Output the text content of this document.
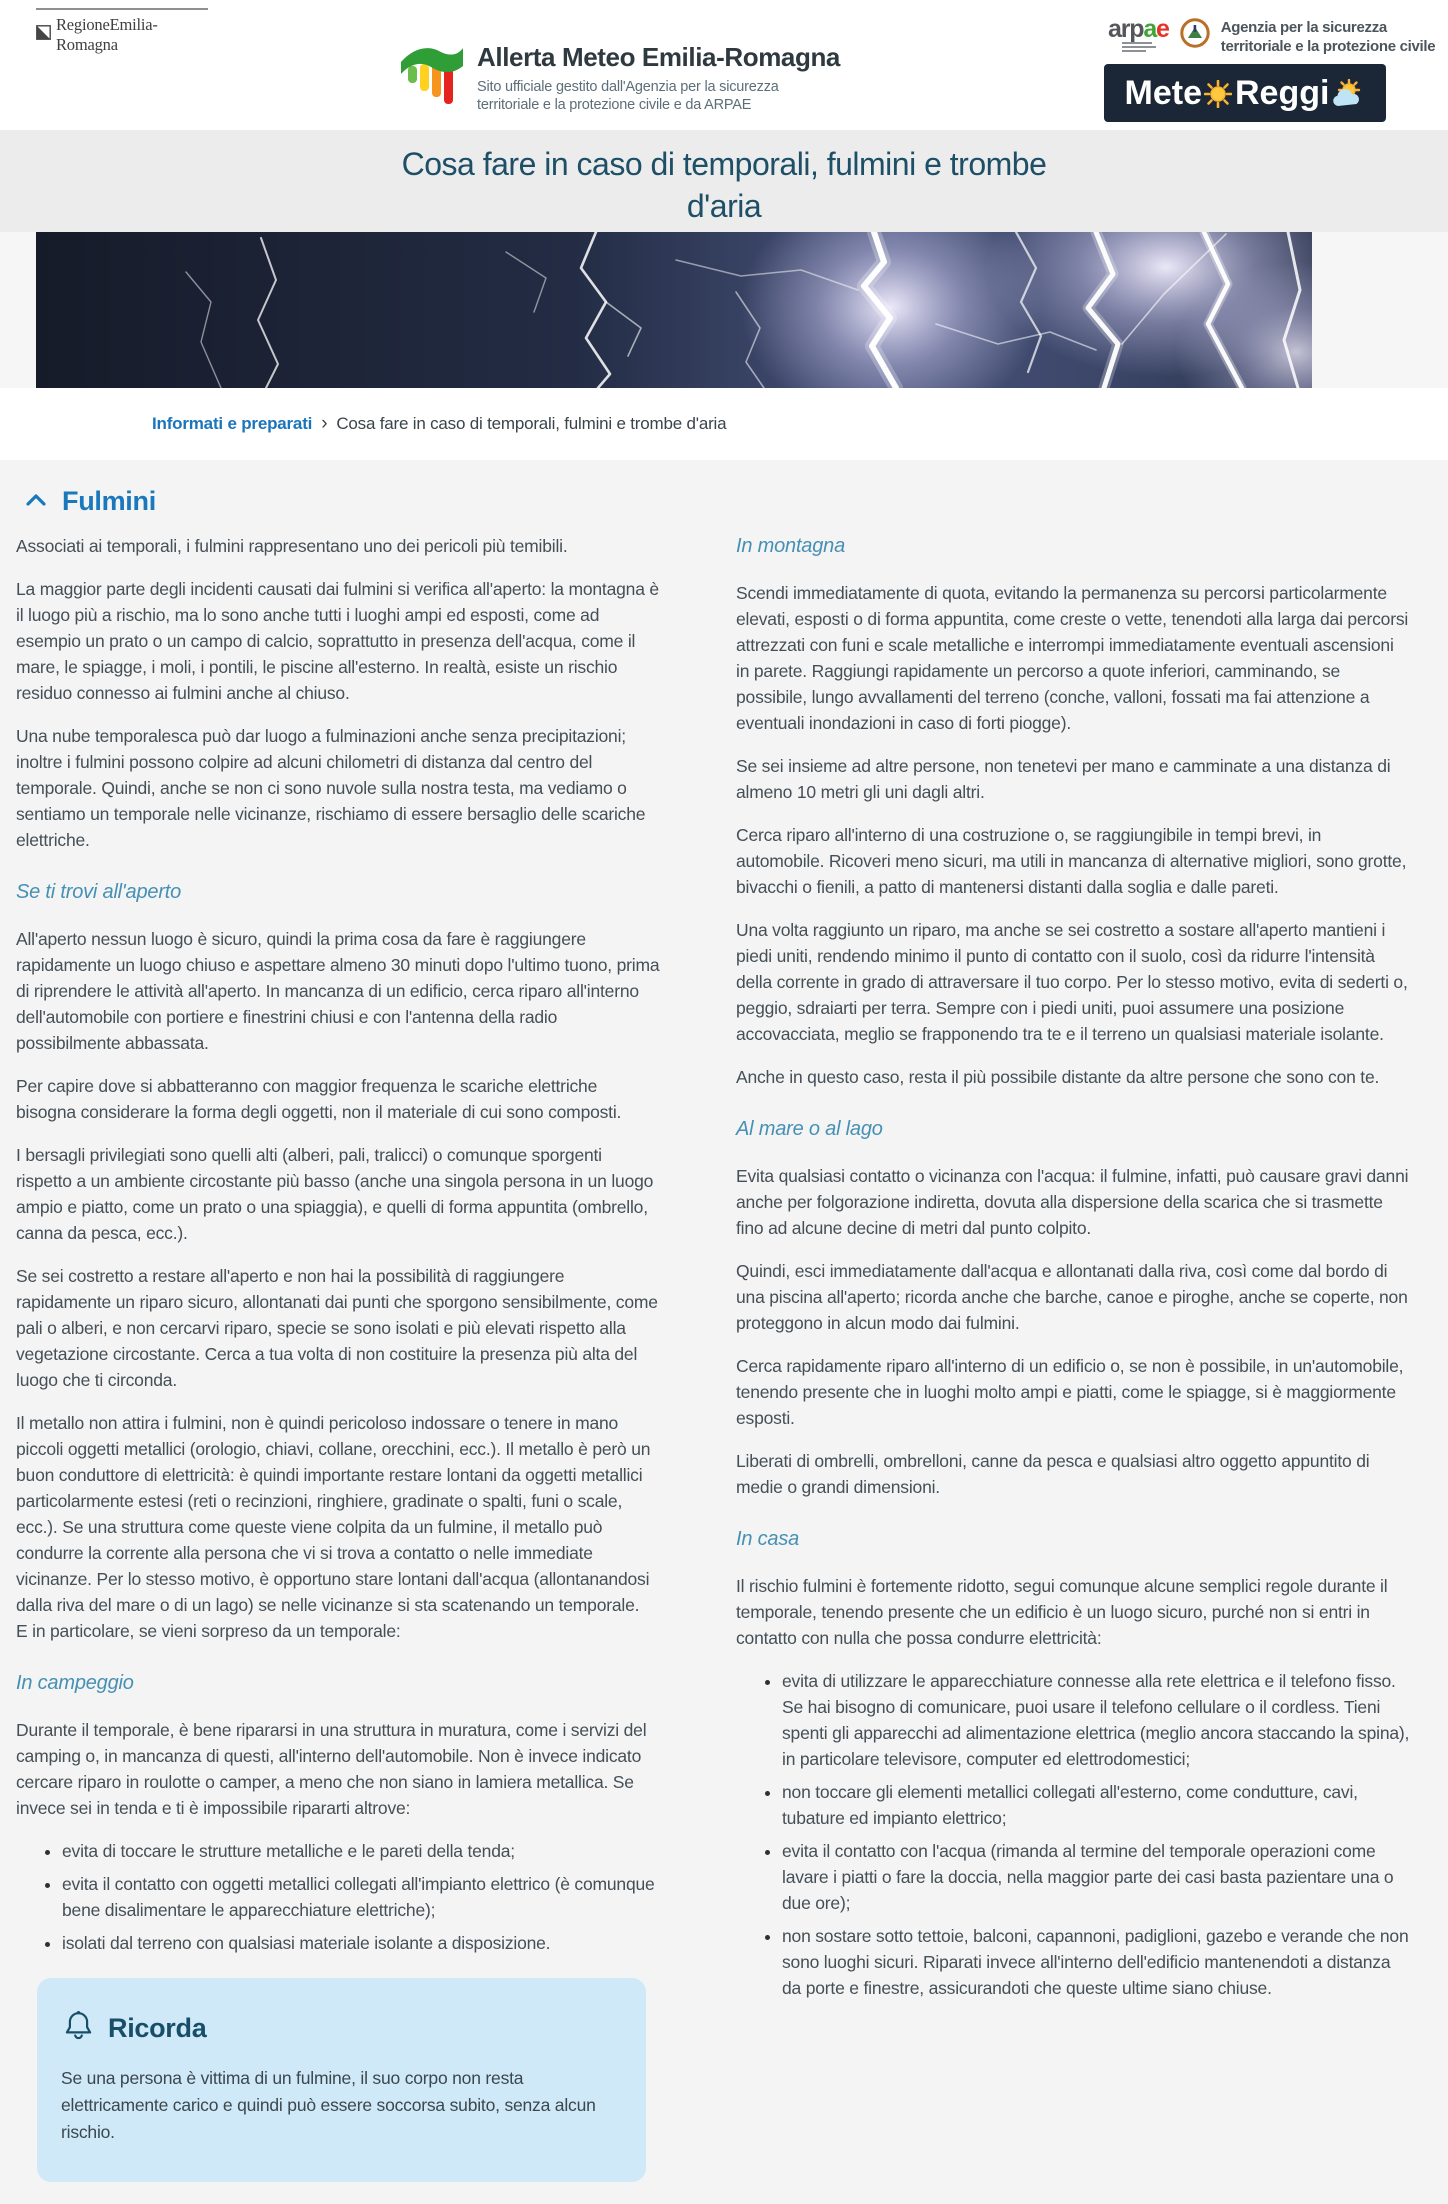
RegioneEmilia-Romagna	Allerta Meteo Emilia-Romagna
Sito ufficiale gestito dall'Agenzia per la sicurezza territoriale e la protezione civile e da ARPAE
arpae	Agenzia per la sicurezza territoriale e la protezione civile
Mete Reggi
Cosa fare in caso di temporali, fulmini e trombe
d'aria
Informati e preparati › Cosa fare in caso di temporali, fulmini e trombe d'aria
Fulmini

Associati ai temporali, i fulmini rappresentano uno dei pericoli più temibili.

La maggior parte degli incidenti causati dai fulmini si verifica all'aperto: la montagna è il luogo più a rischio, ma lo sono anche tutti i luoghi ampi ed esposti, come ad esempio un prato o un campo di calcio, soprattutto in presenza dell'acqua, come il mare, le spiagge, i moli, i pontili, le piscine all'esterno. In realtà, esiste un rischio residuo connesso ai fulmini anche al chiuso.

Una nube temporalesca può dar luogo a fulminazioni anche senza precipitazioni; inoltre i fulmini possono colpire ad alcuni chilometri di distanza dal centro del temporale. Quindi, anche se non ci sono nuvole sulla nostra testa, ma vediamo o sentiamo un temporale nelle vicinanze, rischiamo di essere bersaglio delle scariche elettriche.

Se ti trovi all'aperto

All'aperto nessun luogo è sicuro, quindi la prima cosa da fare è raggiungere rapidamente un luogo chiuso e aspettare almeno 30 minuti dopo l'ultimo tuono, prima di riprendere le attività all'aperto. In mancanza di un edificio, cerca riparo all'interno dell'automobile con portiere e finestrini chiusi e con l'antenna della radio possibilmente abbassata.

Per capire dove si abbatteranno con maggior frequenza le scariche elettriche bisogna considerare la forma degli oggetti, non il materiale di cui sono composti.

I bersagli privilegiati sono quelli alti (alberi, pali, tralicci) o comunque sporgenti rispetto a un ambiente circostante più basso (anche una singola persona in un luogo ampio e piatto, come un prato o una spiaggia), e quelli di forma appuntita (ombrello, canna da pesca, ecc.).

Se sei costretto a restare all'aperto e non hai la possibilità di raggiungere rapidamente un riparo sicuro, allontanati dai punti che sporgono sensibilmente, come pali o alberi, e non cercarvi riparo, specie se sono isolati e più elevati rispetto alla vegetazione circostante. Cerca a tua volta di non costituire la presenza più alta del luogo che ti circonda.

Il metallo non attira i fulmini, non è quindi pericoloso indossare o tenere in mano piccoli oggetti metallici (orologio, chiavi, collane, orecchini, ecc.). Il metallo è però un buon conduttore di elettricità: è quindi importante restare lontani da oggetti metallici particolarmente estesi (reti o recinzioni, ringhiere, gradinate o spalti, funi o scale, ecc.). Se una struttura come queste viene colpita da un fulmine, il metallo può condurre la corrente alla persona che vi si trova a contatto o nelle immediate vicinanze. Per lo stesso motivo, è opportuno stare lontani dall'acqua (allontanandosi dalla riva del mare o di un lago) se nelle vicinanze si sta scatenando un temporale.

E in particolare, se vieni sorpreso da un temporale:

In campeggio

Durante il temporale, è bene ripararsi in una struttura in muratura, come i servizi del camping o, in mancanza di questi, all'interno dell'automobile. Non è invece indicato cercare riparo in roulotte o camper, a meno che non siano in lamiera metallica. Se invece sei in tenda e ti è impossibile ripararti altrove:

• evita di toccare le strutture metalliche e le pareti della tenda;
• evita il contatto con oggetti metallici collegati all'impianto elettrico (è comunque bene disalimentare le apparecchiature elettriche);
• isolati dal terreno con qualsiasi materiale isolante a disposizione.
Ricorda
Se una persona è vittima di un fulmine, il suo corpo non resta elettricamente carico e quindi può essere soccorsa subito, senza alcun rischio.
In montagna

Scendi immediatamente di quota, evitando la permanenza su percorsi particolarmente elevati, esposti o di forma appuntita, come creste o vette, tenendoti alla larga dai percorsi attrezzati con funi e scale metalliche e interrompi immediatamente eventuali ascensioni in parete. Raggiungi rapidamente un percorso a quote inferiori, camminando, se possibile, lungo avvallamenti del terreno (conche, valloni, fossati ma fai attenzione a eventuali inondazioni in caso di forti piogge).

Se sei insieme ad altre persone, non tenetevi per mano e camminate a una distanza di almeno 10 metri gli uni dagli altri.

Cerca riparo all'interno di una costruzione o, se raggiungibile in tempi brevi, in automobile. Ricoveri meno sicuri, ma utili in mancanza di alternative migliori, sono grotte, bivacchi o fienili, a patto di mantenersi distanti dalla soglia e dalle pareti.

Una volta raggiunto un riparo, ma anche se sei costretto a sostare all'aperto mantieni i piedi uniti, rendendo minimo il punto di contatto con il suolo, così da ridurre l'intensità della corrente in grado di attraversare il tuo corpo. Per lo stesso motivo, evita di sederti o, peggio, sdraiarti per terra. Sempre con i piedi uniti, puoi assumere una posizione accovacciata, meglio se frapponendo tra te e il terreno un qualsiasi materiale isolante.

Anche in questo caso, resta il più possibile distante da altre persone che sono con te.

Al mare o al lago

Evita qualsiasi contatto o vicinanza con l'acqua: il fulmine, infatti, può causare gravi danni anche per folgorazione indiretta, dovuta alla dispersione della scarica che si trasmette fino ad alcune decine di metri dal punto colpito.

Quindi, esci immediatamente dall'acqua e allontanati dalla riva, così come dal bordo di una piscina all'aperto; ricorda anche che barche, canoe e piroghe, anche se coperte, non proteggono in alcun modo dai fulmini.

Cerca rapidamente riparo all'interno di un edificio o, se non è possibile, in un'automobile, tenendo presente che in luoghi molto ampi e piatti, come le spiagge, si è maggiormente esposti.

Liberati di ombrelli, ombrelloni, canne da pesca e qualsiasi altro oggetto appuntito di medie o grandi dimensioni.

In casa

Il rischio fulmini è fortemente ridotto, segui comunque alcune semplici regole durante il temporale, tenendo presente che un edificio è un luogo sicuro, purché non si entri in contatto con nulla che possa condurre elettricità:

• evita di utilizzare le apparecchiature connesse alla rete elettrica e il telefono fisso. Se hai bisogno di comunicare, puoi usare il telefono cellulare o il cordless. Tieni spenti gli apparecchi ad alimentazione elettrica (meglio ancora staccando la spina), in particolare televisore, computer ed elettrodomestici;
• non toccare gli elementi metallici collegati all'esterno, come condutture, cavi, tubature ed impianto elettrico;
• evita il contatto con l'acqua (rimanda al termine del temporale operazioni come lavare i piatti o fare la doccia, nella maggior parte dei casi basta pazientare una o due ore);
• non sostare sotto tettoie, balconi, capannoni, padiglioni, gazebo e verande che non sono luoghi sicuri. Riparati invece all'interno dell'edificio mantenendoti a distanza da porte e finestre, assicurandoti che queste ultime siano chiuse.
